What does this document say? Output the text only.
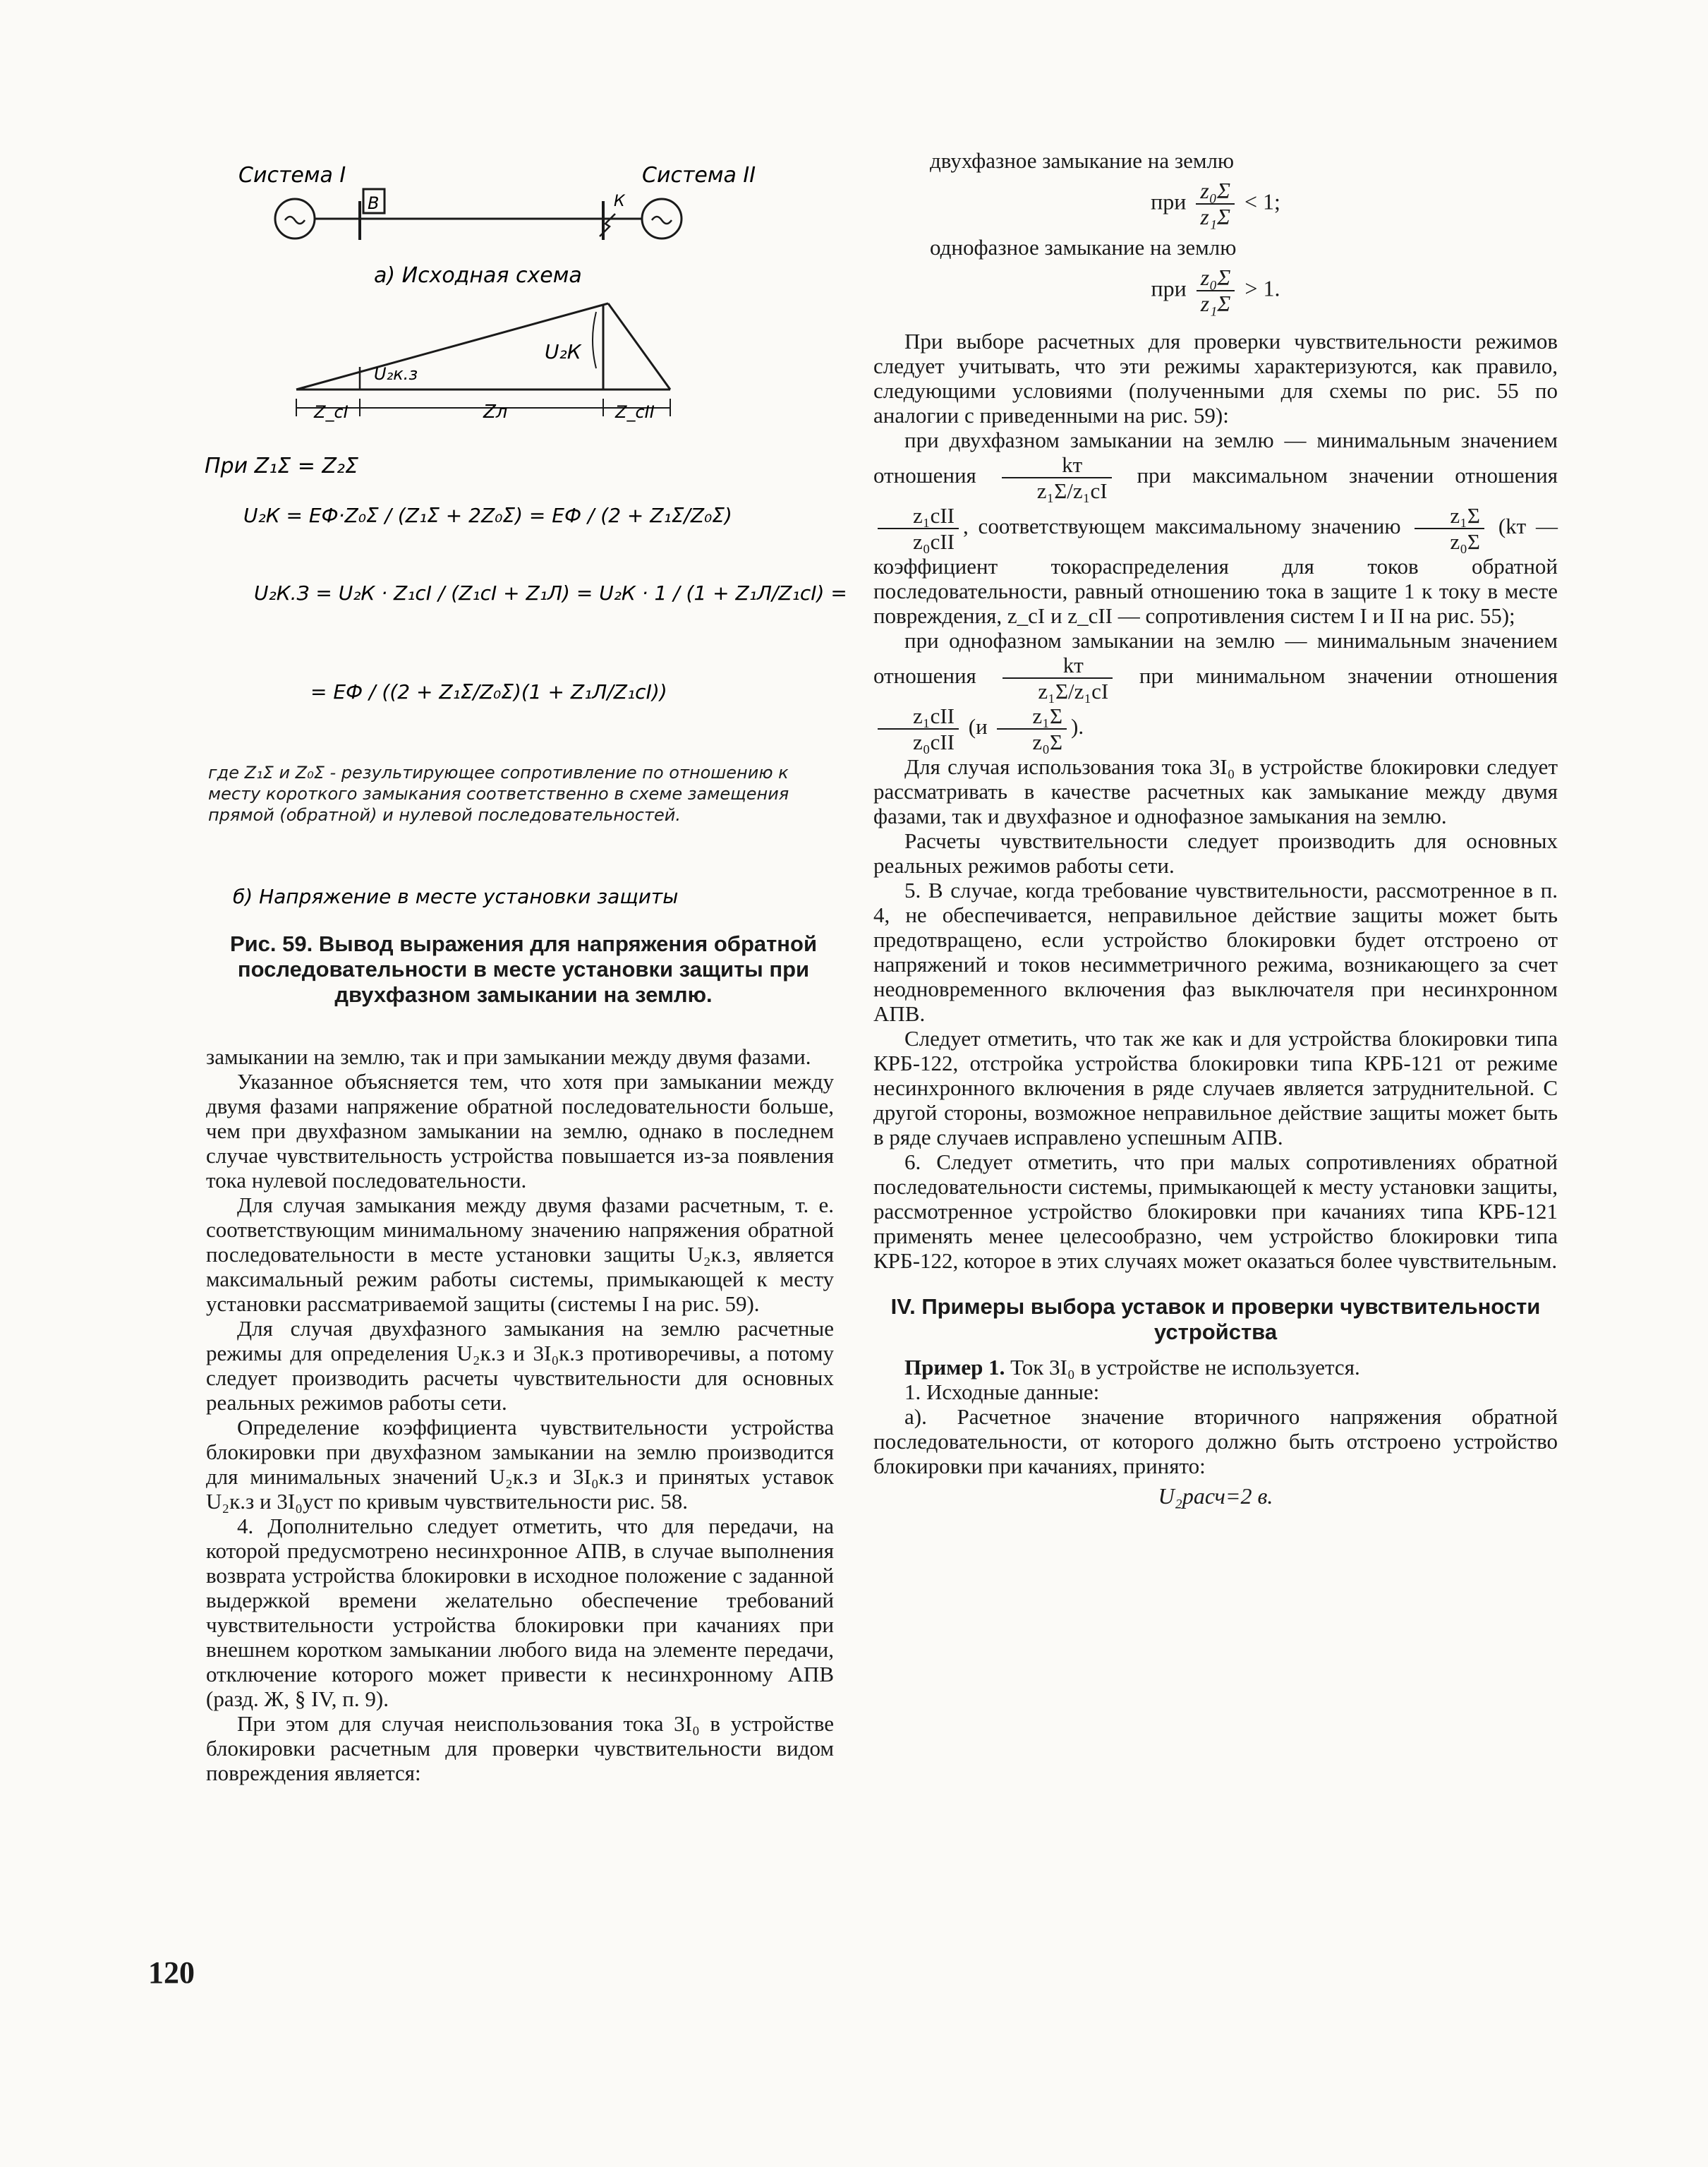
Система I	Система II
В	К
а) Исходная схема
U₂К
U₂к.з
Z_cI	Zл	Z_cII
При Z₁Σ = Z₂Σ
U₂К = EФ·Z₀Σ / (Z₁Σ + 2Z₀Σ) = EФ / (2 + Z₁Σ/Z₀Σ)
U₂К.З = U₂К · Z₁cI / (Z₁cI + Z₁Л) = U₂К · 1 / (1 + Z₁Л/Z₁cI) =
= EФ / ((2 + Z₁Σ/Z₀Σ)(1 + Z₁Л/Z₁cI))
б) Напряжение в месте установки защиты
где Z₁Σ и Z₀Σ - результирующее сопротивление по отношению к месту короткого замыкания соответственно в схеме замещения прямой (обратной) и нулевой последовательностей.
Рис. 59. Вывод выражения для напряжения обратной последовательности в месте установки защиты при двухфазном замыкании на землю.

замыкании на землю, так и при замыкании между двумя фазами.

Указанное объясняется тем, что хотя при замыкании между двумя фазами напряжение обратной последовательности больше, чем при двухфазном замыкании на землю, однако в последнем случае чувствительность устройства повышается из-за появления тока нулевой последовательности.

Для случая замыкания между двумя фазами расчетным, т. е. соответствующим минимальному значению напряжения обратной последовательности в месте установки защиты U₂к.з, является максимальный режим работы системы, примыкающей к месту установки рассматриваемой защиты (системы I на рис. 59).

Для случая двухфазного замыкания на землю расчетные режимы для определения U₂к.з и 3I₀к.з противоречивы, а потому следует производить расчеты чувствительности для основных реальных режимов работы сети.

Определение коэффициента чувствительности устройства блокировки при двухфазном замыкании на землю производится для минимальных значений U₂к.з и 3I₀к.з и принятых уставок U₂к.з и 3I₀уст по кривым чувствительности рис. 58.

4. Дополнительно следует отметить, что для передачи, на которой предусмотрено несинхронное АПВ, в случае выполнения возврата устройства блокировки в исходное положение с заданной выдержкой времени желательно обеспечение требований чувствительности устройства блокировки при качаниях при внешнем коротком замыкании любого вида на элементе передачи, отключение которого может привести к несинхронному АПВ (разд. Ж, § IV, п. 9).

При этом для случая неиспользования тока 3I₀ в устройстве блокировки расчетным для проверки чувствительности видом повреждения является:

двухфазное замыкание на землю

при $\frac{\text{z₀Σ}}{\text{z₁Σ}} < 1$;

однофазное замыкание на землю

при $\frac{\text{z₀Σ}}{\text{z₁Σ}} > 1$.

При выборе расчетных для проверки чувствительности режимов следует учитывать, что эти режимы характеризуются, как правило, следующими условиями (полученными для схемы по рис. 55 по аналогии с приведенными на рис. 59):

при двухфазном замыкании на землю — минимальным значением отношения $\frac{kт}{\text{z₁Σ/z₁cI}}$ при максимальном значении отношения
$\frac{\text{z₁cII}}{\text{z₀cII}}$ , соответствующем максимальному значению $\frac{\text{z₁Σ}}{\text{z₀Σ}} (kт$ — коэффициент токораспределения для токов обратной последовательности, равный отношению тока в защите 1 к току в месте повреждения, z_cI и z_cII — сопротивления систем I и II на рис. 55);

при однофазном замыкании на землю — минимальным значением отношения $\frac{kт}{\text{z₁Σ/z₁cI}}$ при минимальном значении отношения
$\frac{\text{z₁cII}}{\text{z₀cII}} (и \frac{\text{z₁Σ}}{\text{z₀Σ}}$ ).

Для случая использования тока 3I₀ в устройстве блокировки следует рассматривать в качестве расчетных как замыкание между двумя фазами, так и двухфазное и однофазное замыкания на землю.

Расчеты чувствительности следует производить для основных реальных режимов работы сети.

5. В случае, когда требование чувствительности, рассмотренное в п. 4, не обеспечивается, неправильное действие защиты может быть предотвращено, если устройство блокировки будет отстроено от напряжений и токов несимметричного режима, возникающего за счет неодновременного включения фаз выключателя при несинхронном АПВ.

Следует отметить, что так же как и для устройства блокировки типа КРБ-122, отстройка устройства блокировки типа КРБ-121 от режиме несинхронного включения в ряде случаев является затруднительной. С другой стороны, возможное неправильное действие защиты может быть в ряде случаев исправлено успешным АПВ.

6. Следует отметить, что при малых сопротивлениях обратной последовательности системы, примыкающей к месту установки защиты, рассмотренное устройство блокировки при качаниях типа КРБ-121 применять менее целесообразно, чем устройство блокировки типа КРБ-122, которое в этих случаях может оказаться более чувствительным.

IV. Примеры выбора уставок и проверки чувствительности устройства

Пример 1. Ток 3I₀ в устройстве не используется.

1. Исходные данные:

а). Расчетное значение вторичного напряжения обратной последовательности, от которого должно быть отстроено устройство блокировки при качаниях, принято:

U₂расч=2 в.
120
